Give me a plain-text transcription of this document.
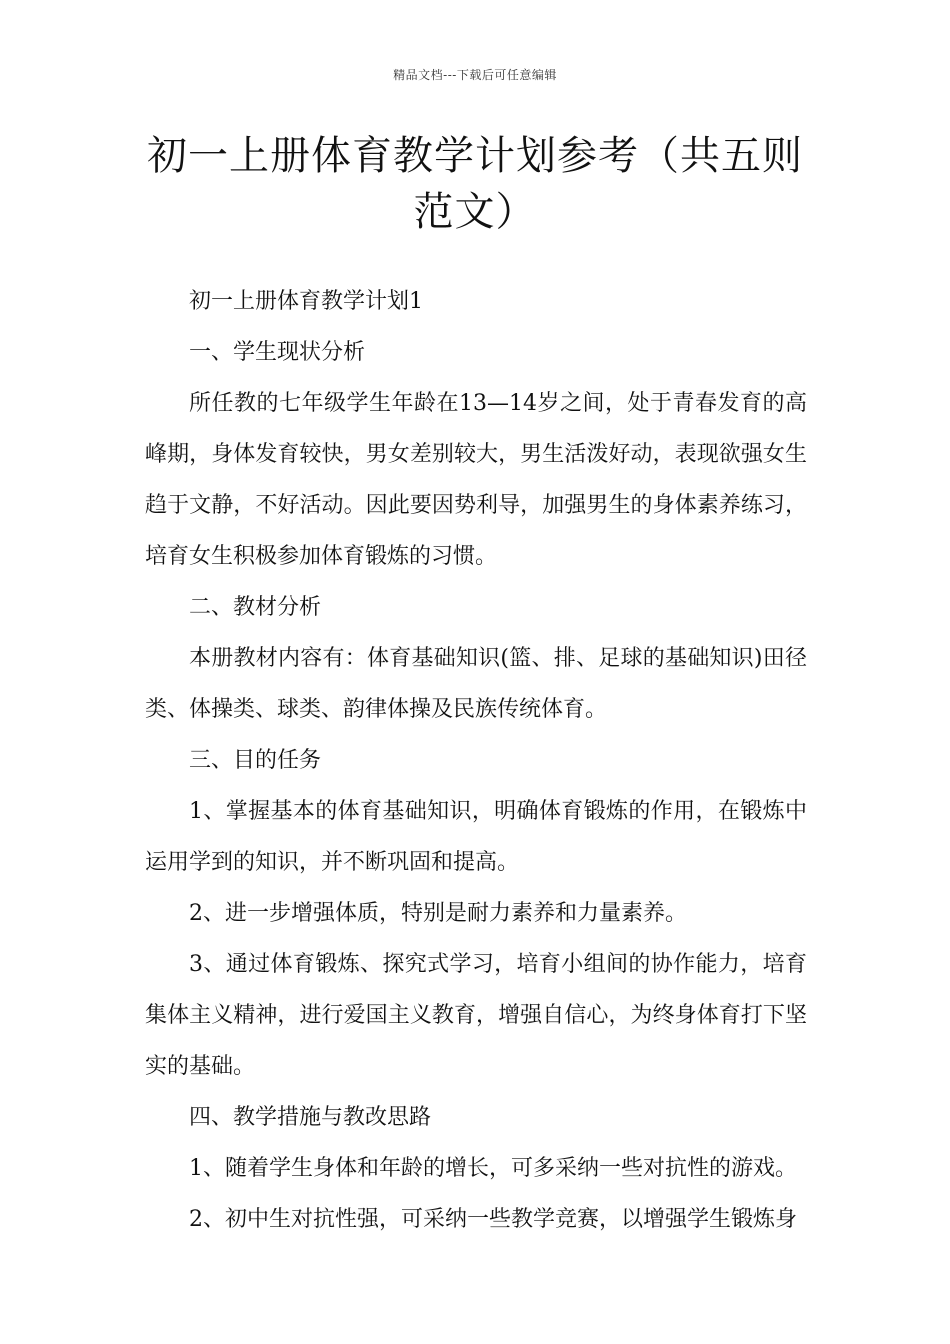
精品文档---下载后可任意编辑
初一上册体育教学计划参考（共五则范文）

初一上册体育教学计划1

一、学生现状分析

所任教的七年级学生年龄在13—14岁之间，处于青春发育的高峰期，身体发育较快，男女差别较大，男生活泼好动，表现欲强女生趋于文静，不好活动。因此要因势利导，加强男生的身体素养练习，培育女生积极参加体育锻炼的习惯。

二、教材分析

本册教材内容有：体育基础知识(篮、排、足球的基础知识)田径类、体操类、球类、韵律体操及民族传统体育。

三、目的任务

1、掌握基本的体育基础知识，明确体育锻炼的作用，在锻炼中运用学到的知识，并不断巩固和提高。

2、进一步增强体质，特别是耐力素养和力量素养。

3、通过体育锻炼、探究式学习，培育小组间的协作能力，培育集体主义精神，进行爱国主义教育，增强自信心，为终身体育打下坚实的基础。

四、教学措施与教改思路

1、随着学生身体和年龄的增长，可多采纳一些对抗性的游戏。

2、初中生对抗性强，可采纳一些教学竞赛，以增强学生锻炼身
